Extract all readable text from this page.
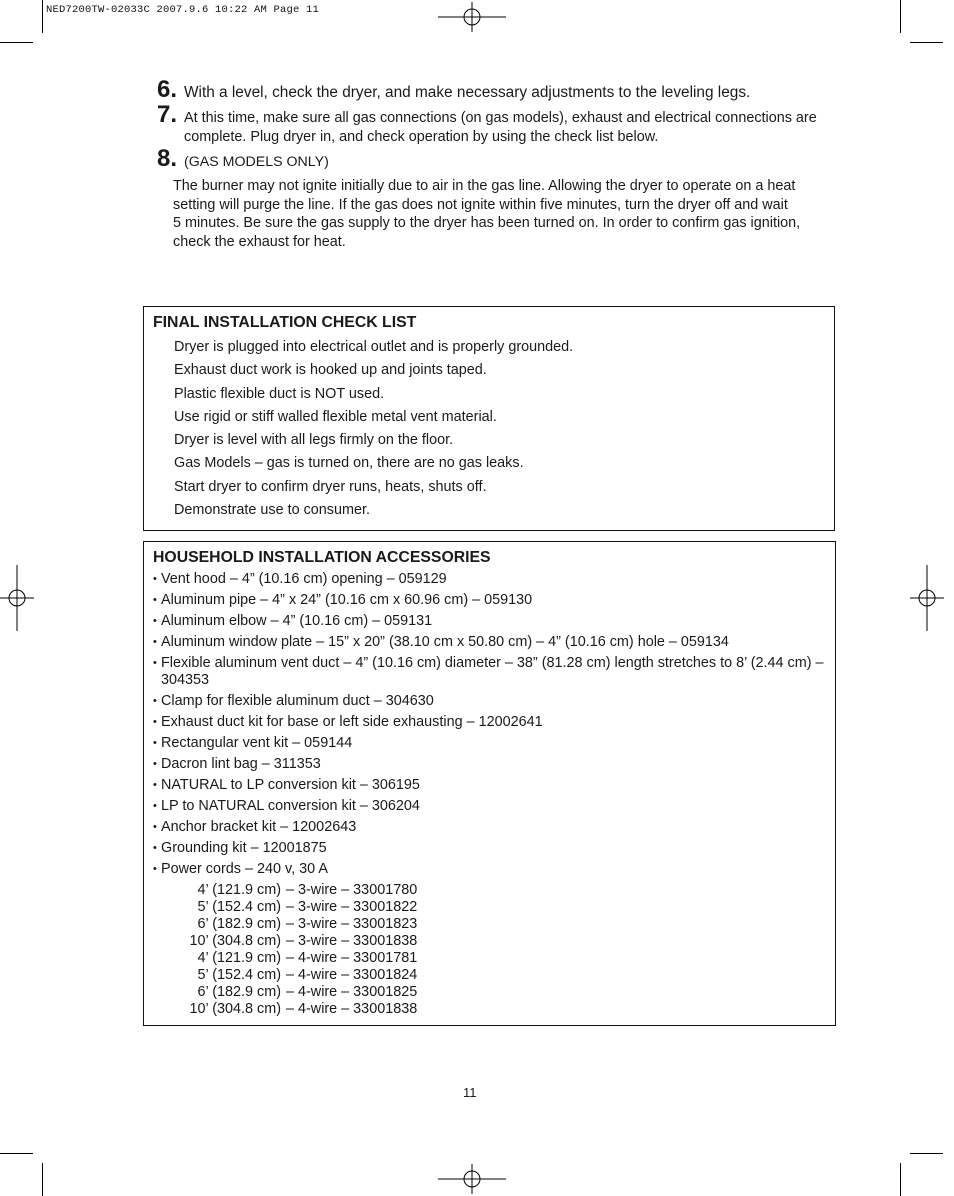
NED7200TW-02033C 2007.9.6 10:22 AM Page 11
6. With a level, check the dryer, and make necessary adjustments to the leveling legs.
7. At this time, make sure all gas connections (on gas models), exhaust and electrical connections are complete. Plug dryer in, and check operation by using the check list below.
8. (GAS MODELS ONLY)
The burner may not ignite initially due to air in the gas line. Allowing the dryer to operate on a heat setting will purge the line. If the gas does not ignite within five minutes, turn the dryer off and wait
5 minutes. Be sure the gas supply to the dryer has been turned on. In order to confirm gas ignition, check the exhaust for heat.
FINAL INSTALLATION CHECK LIST
Dryer is plugged into electrical outlet and is properly grounded.
Exhaust duct work is hooked up and joints taped.
Plastic flexible duct is NOT used.
Use rigid or stiff walled flexible metal vent material.
Dryer is level with all legs firmly on the floor.
Gas Models – gas is turned on, there are no gas leaks.
Start dryer to confirm dryer runs, heats, shuts off.
Demonstrate use to consumer.
HOUSEHOLD INSTALLATION ACCESSORIES
• Vent hood – 4” (10.16 cm) opening – 059129
• Aluminum pipe – 4” x 24” (10.16 cm x 60.96 cm) – 059130
• Aluminum elbow – 4” (10.16 cm) – 059131
• Aluminum window plate – 15” x 20” (38.10 cm x 50.80 cm) – 4” (10.16 cm) hole – 059134
• Flexible aluminum vent duct – 4” (10.16 cm) diameter – 38” (81.28 cm) length stretches to 8’ (2.44 cm) – 304353
• Clamp for flexible aluminum duct – 304630
• Exhaust duct kit for base or left side exhausting – 12002641
• Rectangular vent kit – 059144
• Dacron lint bag – 311353
• NATURAL to LP conversion kit – 306195
• LP to NATURAL conversion kit – 306204
• Anchor bracket kit – 12002643
• Grounding kit – 12001875
• Power cords – 240 v, 30 A
4’ (121.9 cm) – 3-wire – 33001780
5’ (152.4 cm) – 3-wire – 33001822
6’ (182.9 cm) – 3-wire – 33001823
10’ (304.8 cm) – 3-wire – 33001838
4’ (121.9 cm) – 4-wire – 33001781
5’ (152.4 cm) – 4-wire – 33001824
6’ (182.9 cm) – 4-wire – 33001825
10’ (304.8 cm) – 4-wire – 33001838
11
